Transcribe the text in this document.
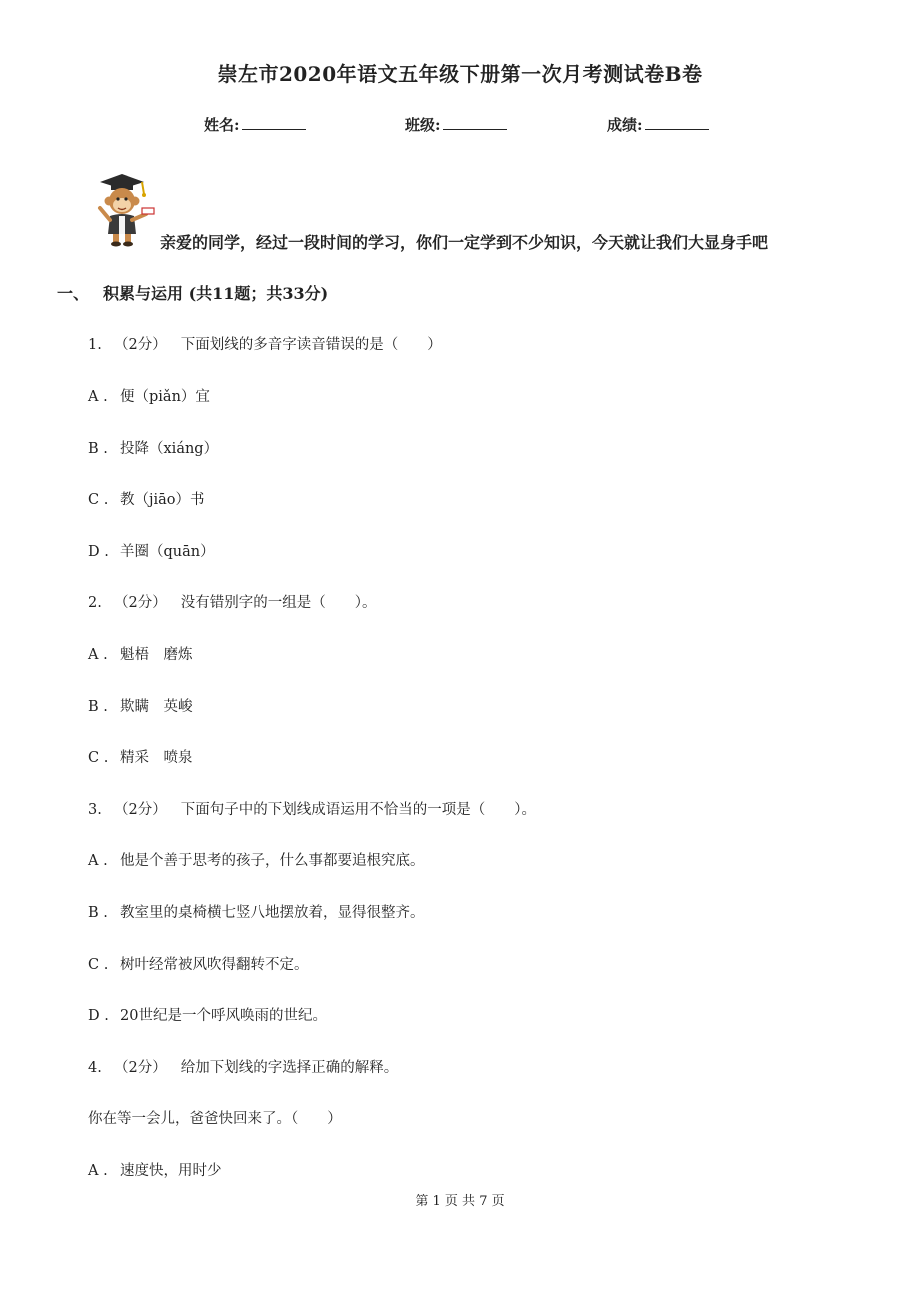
崇左市2020年语文五年级下册第一次月考测试卷B卷
姓名:	班级:	成绩:
亲爱的同学，经过一段时间的学习，你们一定学到不少知识，今天就让我们大显身手吧
一、 积累与运用 (共11题；共33分)
1. （2分） 下面划线的多音字读音错误的是（　　）
A . 便（piǎn）宜
B . 投降（xiáng）
C . 教（jiāo）书
D . 羊圈（quān）
2. （2分） 没有错别字的一组是（　　）。
A . 魁梧　磨炼
B . 欺瞒　英峻
C . 精采　喷泉
3. （2分） 下面句子中的下划线成语运用不恰当的一项是（　　）。
A . 他是个善于思考的孩子，什么事都要追根究底。
B . 教室里的桌椅横七竖八地摆放着，显得很整齐。
C . 树叶经常被风吹得翻转不定。
D . 20世纪是一个呼风唤雨的世纪。
4. （2分） 给加下划线的字选择正确的解释。
你在等一会儿，爸爸快回来了。（　　）
A . 速度快，用时少
第 1 页 共 7 页
